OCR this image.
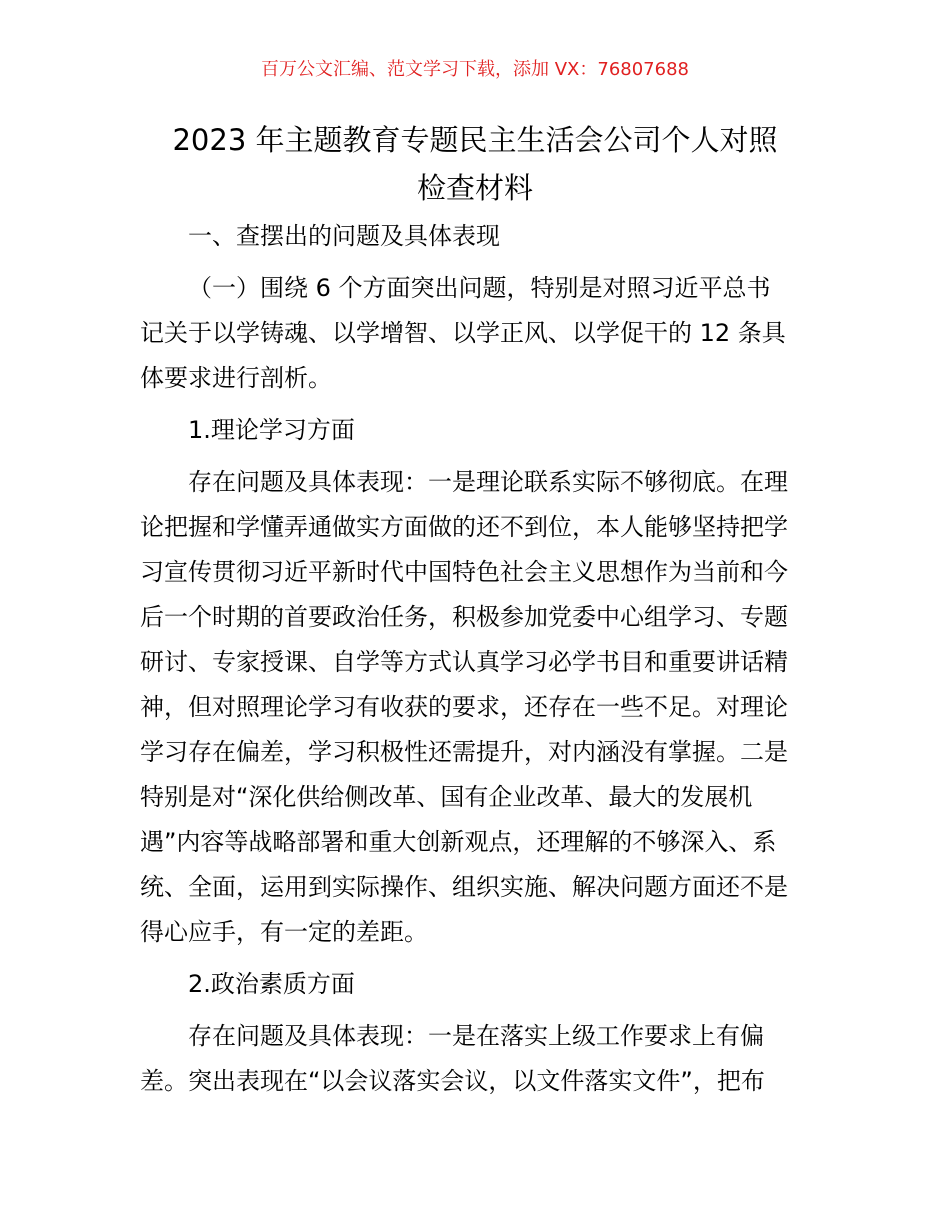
百万公文汇编、范文学习下载，添加 VX：76807688
2023 年主题教育专题民主生活会公司个人对照
检查材料
一、查摆出的问题及具体表现
（一）围绕 6 个方面突出问题，特别是对照习近平总书
记关于以学铸魂、以学增智、以学正风、以学促干的 12 条具
体要求进行剖析。
1.理论学习方面
存在问题及具体表现：一是理论联系实际不够彻底。在理
论把握和学懂弄通做实方面做的还不到位，本人能够坚持把学
习宣传贯彻习近平新时代中国特色社会主义思想作为当前和今
后一个时期的首要政治任务，积极参加党委中心组学习、专题
研讨、专家授课、自学等方式认真学习必学书目和重要讲话精
神，但对照理论学习有收获的要求，还存在一些不足。对理论
学习存在偏差，学习积极性还需提升，对内涵没有掌握。二是
特别是对“深化供给侧改革、国有企业改革、最大的发展机
遇”内容等战略部署和重大创新观点，还理解的不够深入、系
统、全面，运用到实际操作、组织实施、解决问题方面还不是
得心应手，有一定的差距。
2.政治素质方面
存在问题及具体表现：一是在落实上级工作要求上有偏
差。突出表现在“以会议落实会议，以文件落实文件”，把布
